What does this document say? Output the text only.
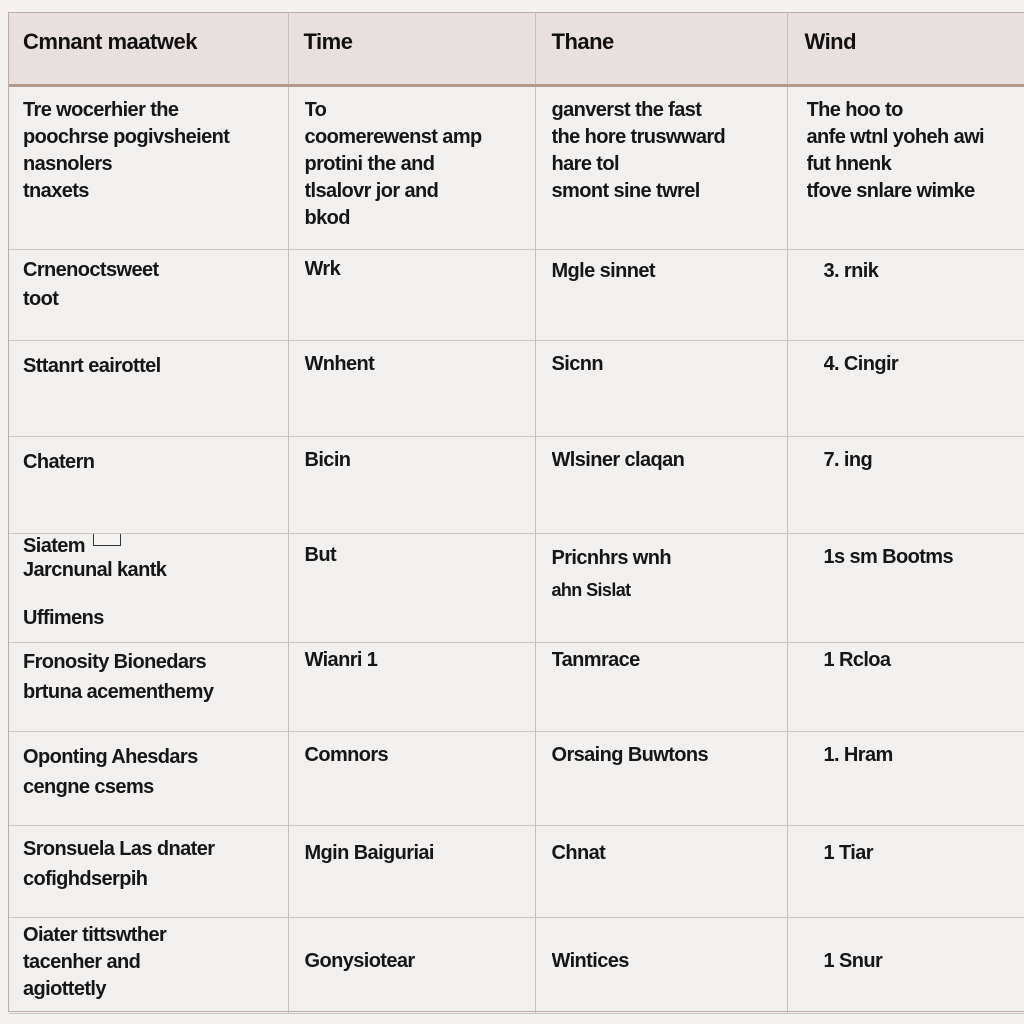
Cmnant maatwek	Time	Thane	Wind

Tre wocerhier the
poochrse pogivsheient
nasnolers
tnaxets	To
coomerewenst amp
protini the and
tlsalovr jor and
bkod	ganverst the fast
the hore truswward
hare tol
smont sine twrel	The hoo to
anfe wtnl yoheh awi
fut hnenk
tfove snlare wimke

Crnenoctsweet
toot	Wrk	Mgle sinnet	3. rnik

Sttanrt eairottel	Wnhent	Sicnn	4. Cingir

Chatern	Bicin	Wlsiner claqan	7. ing

Siatem
Jarcnunal kantk
Uffimens	But	Pricnhrs wnh
ahn Sislat	1s sm Bootms

Fronosity Bionedars
brtuna acementhemy	Wianri 1	Tanmrace	1 Rcloa

Oponting Ahesdars
cengne csems	Comnors	Orsaing Buwtons	1. Hram

Sronsuela Las dnater
cofighdserpih	Mgin Baiguriai	Chnat	1 Tiar

Oiater tittswther
tacenher and
agiottetly	Gonysiotear	Wintices	1 Snur
